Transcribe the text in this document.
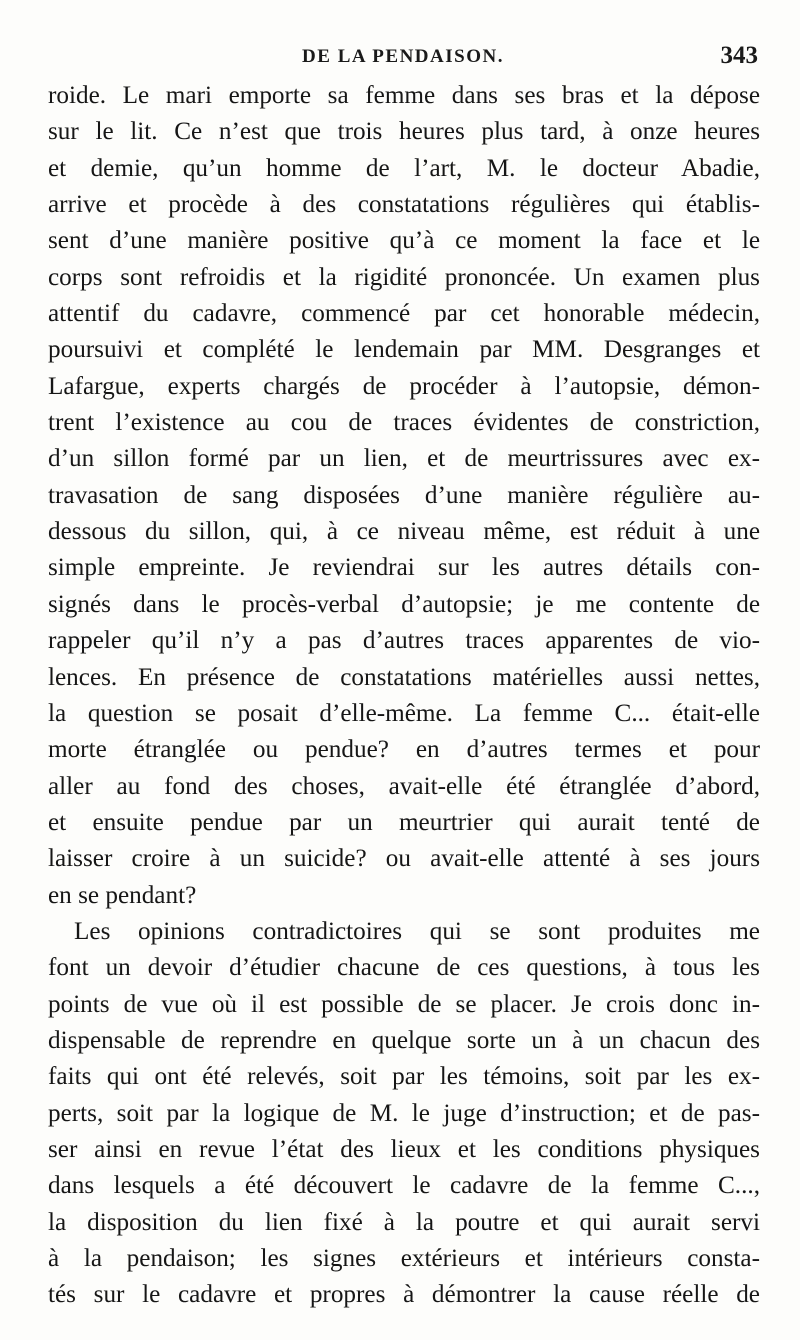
DE LA PENDAISON.	343

roide. Le mari emporte sa femme dans ses bras et la dépose
sur le lit. Ce n’est que trois heures plus tard, à onze heures
et demie, qu’un homme de l’art, M. le docteur Abadie,
arrive et procède à des constatations régulières qui établis-
sent d’une manière positive qu’à ce moment la face et le
corps sont refroidis et la rigidité prononcée. Un examen plus
attentif du cadavre, commencé par cet honorable médecin,
poursuivi et complété le lendemain par MM. Desgranges et
Lafargue, experts chargés de procéder à l’autopsie, démon-
trent l’existence au cou de traces évidentes de constriction,
d’un sillon formé par un lien, et de meurtrissures avec ex-
travasation de sang disposées d’une manière régulière au-
dessous du sillon, qui, à ce niveau même, est réduit à une
simple empreinte. Je reviendrai sur les autres détails con-
signés dans le procès-verbal d’autopsie; je me contente de
rappeler qu’il n’y a pas d’autres traces apparentes de vio-
lences. En présence de constatations matérielles aussi nettes,
la question se posait d’elle-même. La femme C... était-elle
morte étranglée ou pendue? en d’autres termes et pour
aller au fond des choses, avait-elle été étranglée d’abord,
et ensuite pendue par un meurtrier qui aurait tenté de
laisser croire à un suicide? ou avait-elle attenté à ses jours
en se pendant?

Les opinions contradictoires qui se sont produites me
font un devoir d’étudier chacune de ces questions, à tous les
points de vue où il est possible de se placer. Je crois donc in-
dispensable de reprendre en quelque sorte un à un chacun des
faits qui ont été relevés, soit par les témoins, soit par les ex-
perts, soit par la logique de M. le juge d’instruction; et de pas-
ser ainsi en revue l’état des lieux et les conditions physiques
dans lesquels a été découvert le cadavre de la femme C...,
la disposition du lien fixé à la poutre et qui aurait servi
à la pendaison; les signes extérieurs et intérieurs consta-
tés sur le cadavre et propres à démontrer la cause réelle de
